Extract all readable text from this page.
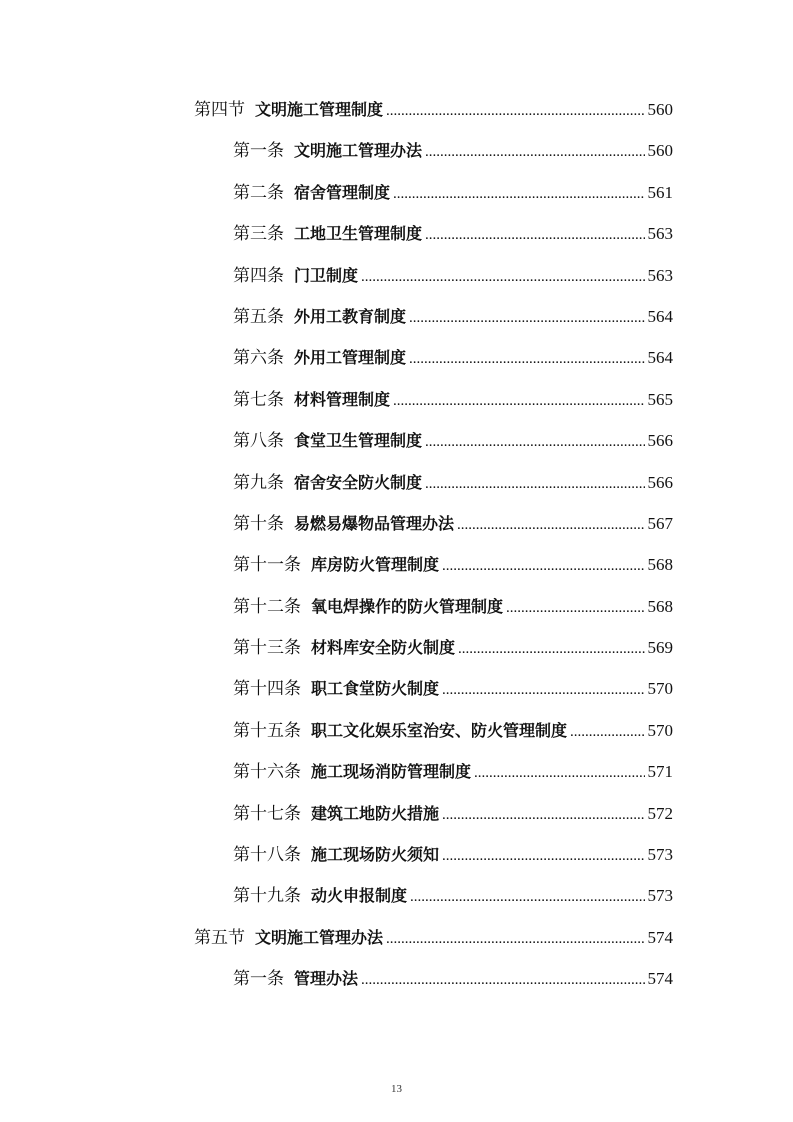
第四节 文明施工管理制度 .....	560
第一条 文明施工管理办法 .....	560
第二条 宿舍管理制度 .....	561
第三条 工地卫生管理制度 .....	563
第四条 门卫制度 .....	563
第五条 外用工教育制度 .....	564
第六条 外用工管理制度 .....	564
第七条 材料管理制度 .....	565
第八条 食堂卫生管理制度 .....	566
第九条 宿舍安全防火制度 .....	566
第十条 易燃易爆物品管理办法 .....	567
第十一条 库房防火管理制度 .....	568
第十二条 氧电焊操作的防火管理制度 .....	568
第十三条 材料库安全防火制度 .....	569
第十四条 职工食堂防火制度 .....	570
第十五条 职工文化娱乐室治安、防火管理制度 .....	570
第十六条 施工现场消防管理制度 .....	571
第十七条 建筑工地防火措施 .....	572
第十八条 施工现场防火须知 .....	573
第十九条 动火申报制度 .....	573
第五节 文明施工管理办法 .....	574
第一条 管理办法 .....	574
13
